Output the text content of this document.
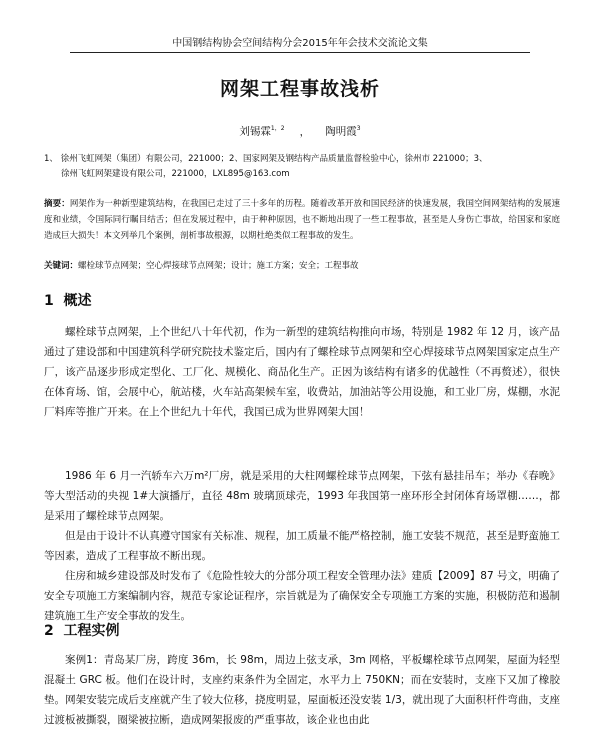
中国钢结构协会空间结构分会2015年年会技术交流论文集
网架工程事故浅析
刘锡霖$^{1,2}$ ， 陶明霞$^3$
1、 徐州飞虹网架（集团）有限公司，221000；2、国家网架及钢结构产品质量监督检验中心，徐州市 221000；3、
徐州飞虹网架建设有限公司，221000，LXL895@163.com
摘要：网架作为一种新型建筑结构，在我国已走过了三十多年的历程。随着改革开放和国民经济的快速发展，我国空间网架结构的发展速度和业绩，令国际同行瞩目结舌；但在发展过程中，由于种种原因，也不断地出现了一些工程事故，甚至是人身伤亡事故，给国家和家庭造成巨大损失！本文列举几个案例，剖析事故根源，以期杜绝类似工程事故的发生。
关键词：螺栓球节点网架；空心焊接球节点网架；设计；施工方案；安全；工程事故
1 概述
螺栓球节点网架，上个世纪八十年代初，作为一新型的建筑结构推向市场，特别是 1982 年 12 月，该产品通过了建设部和中国建筑科学研究院技术鉴定后，国内有了螺栓球节点网架和空心焊接球节点网架国家定点生产厂，该产品逐步形成定型化、工厂化、规模化、商品化生产。正因为该结构有诸多的优越性（不再赘述），很快在体育场、馆，会展中心，航站楼，火车站高架候车室，收费站，加油站等公用设施，和工业厂房，煤棚，水泥厂料库等推广开来。在上个世纪九十年代，我国已成为世界网架大国！
1986 年 6 月一汽轿车六万m²厂房，就是采用的大柱网螺栓球节点网架，下弦有悬挂吊车；举办《春晚》等大型活动的央视 1#大演播厅，直径 48m 玻璃顶球壳，1993 年我国第一座环形全封闭体育场罩棚……，都是采用了螺栓球节点网架。
但是由于设计不认真遵守国家有关标准、规程，加工质量不能严格控制，施工安装不规范，甚至是野蛮施工等因素，造成了工程事故不断出现。
住房和城乡建设部及时发布了《危险性较大的分部分项工程安全管理办法》建质【2009】87 号文，明确了安全专项施工方案编制内容，规范专家论证程序，宗旨就是为了确保安全专项施工方案的实施，积极防范和遏制建筑施工生产安全事故的发生。
2 工程实例
案例1：青岛某厂房，跨度 36m，长 98m，周边上弦支承，3m 网格，平板螺栓球节点网架，屋面为轻型混凝土 GRC 板。他们在设计时，支座约束条件为全固定，水平力上 750KN；而在安装时，支座下又加了橡胶垫。网架安装完成后支座就产生了较大位移，挠度明显，屋面板还没安装 1/3，就出现了大面积杆件弯曲，支座过渡板被撕裂，圈梁被拉断，造成网架报废的严重事故，该企业也由此
